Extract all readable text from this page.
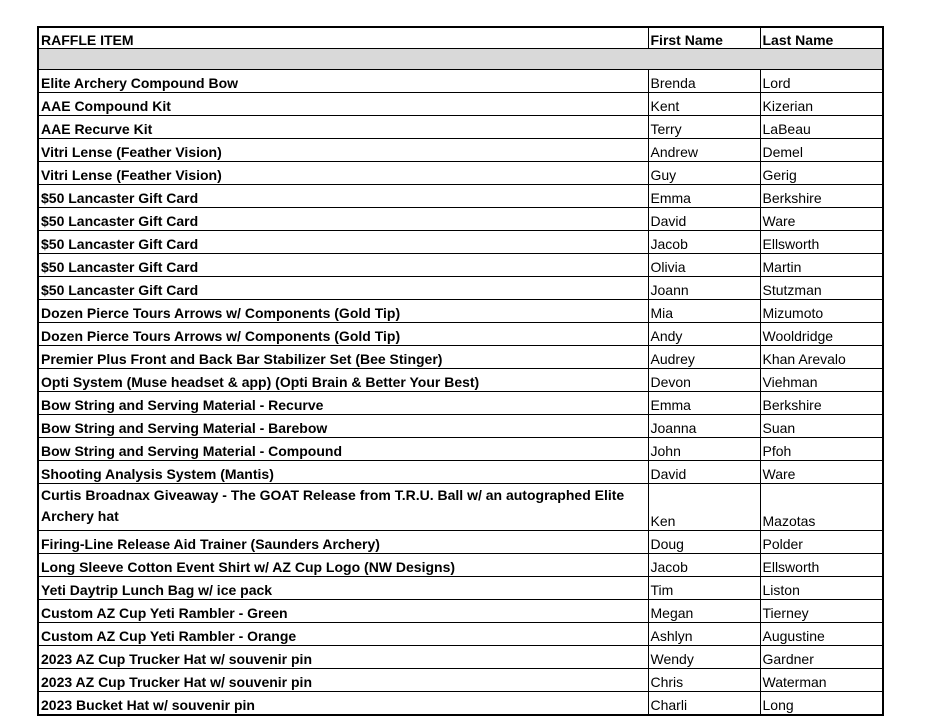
RAFFLE ITEM	First Name	Last Name

Elite Archery Compound Bow	Brenda	Lord
AAE Compound Kit	Kent	Kizerian
AAE Recurve Kit	Terry	LaBeau
Vitri Lense (Feather Vision)	Andrew	Demel
Vitri Lense (Feather Vision)	Guy	Gerig
$50 Lancaster Gift Card	Emma	Berkshire
$50 Lancaster Gift Card	David	Ware
$50 Lancaster Gift Card	Jacob	Ellsworth
$50 Lancaster Gift Card	Olivia	Martin
$50 Lancaster Gift Card	Joann	Stutzman
Dozen Pierce Tours Arrows w/ Components (Gold Tip)	Mia	Mizumoto
Dozen Pierce Tours Arrows w/ Components (Gold Tip)	Andy	Wooldridge
Premier Plus Front and Back Bar Stabilizer Set (Bee Stinger)	Audrey	Khan Arevalo
Opti System (Muse headset & app) (Opti Brain & Better Your Best)	Devon	Viehman
Bow String and Serving Material - Recurve	Emma	Berkshire
Bow String and Serving Material - Barebow	Joanna	Suan
Bow String and Serving Material - Compound	John	Pfoh
Shooting Analysis System (Mantis)	David	Ware
Curtis Broadnax Giveaway - The GOAT Release from T.R.U. Ball w/ an autographed Elite Archery hat	Ken	Mazotas
Firing-Line Release Aid Trainer (Saunders Archery)	Doug	Polder
Long Sleeve Cotton Event Shirt w/ AZ Cup Logo (NW Designs)	Jacob	Ellsworth
Yeti Daytrip Lunch Bag w/ ice pack	Tim	Liston
Custom AZ Cup Yeti Rambler - Green	Megan	Tierney
Custom AZ Cup Yeti Rambler - Orange	Ashlyn	Augustine
2023 AZ Cup Trucker Hat w/ souvenir pin	Wendy	Gardner
2023 AZ Cup Trucker Hat w/ souvenir pin	Chris	Waterman
2023 Bucket Hat w/ souvenir pin	Charli	Long
